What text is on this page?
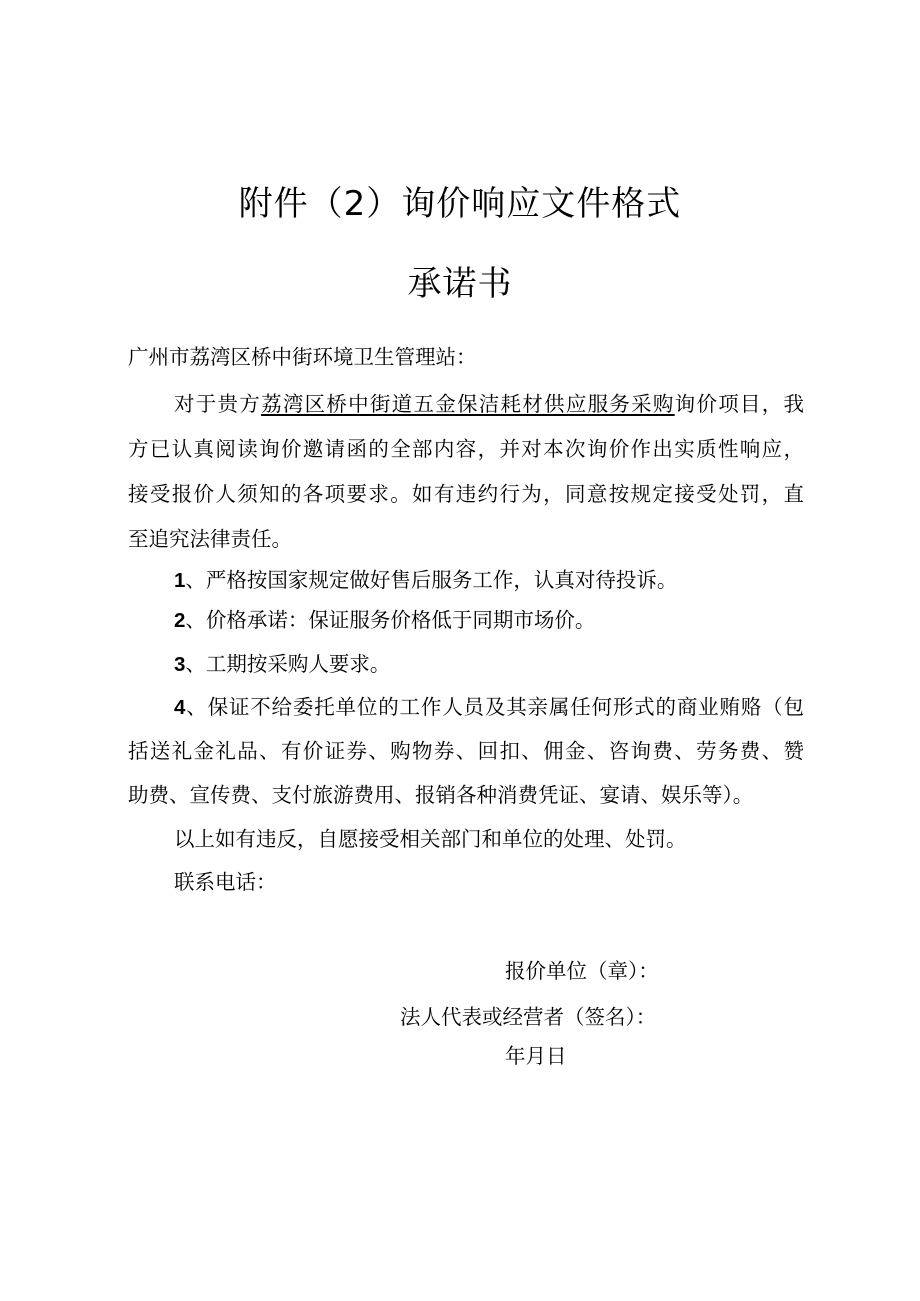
附件（2）询价响应文件格式
承诺书
广州市荔湾区桥中街环境卫生管理站：
对于贵方荔湾区桥中街道五金保洁耗材供应服务采购询价项目，我
方已认真阅读询价邀请函的全部内容，并对本次询价作出实质性响应，
接受报价人须知的各项要求。如有违约行为，同意按规定接受处罚，直
至追究法律责任。
1、严格按国家规定做好售后服务工作，认真对待投诉。
2、价格承诺：保证服务价格低于同期市场价。
3、工期按采购人要求。
4、保证不给委托单位的工作人员及其亲属任何形式的商业贿赂（包
括送礼金礼品、有价证券、购物券、回扣、佣金、咨询费、劳务费、赞
助费、宣传费、支付旅游费用、报销各种消费凭证、宴请、娱乐等）。
以上如有违反，自愿接受相关部门和单位的处理、处罚。
联系电话：
报价单位（章）：
法人代表或经营者（签名）：
年月日
